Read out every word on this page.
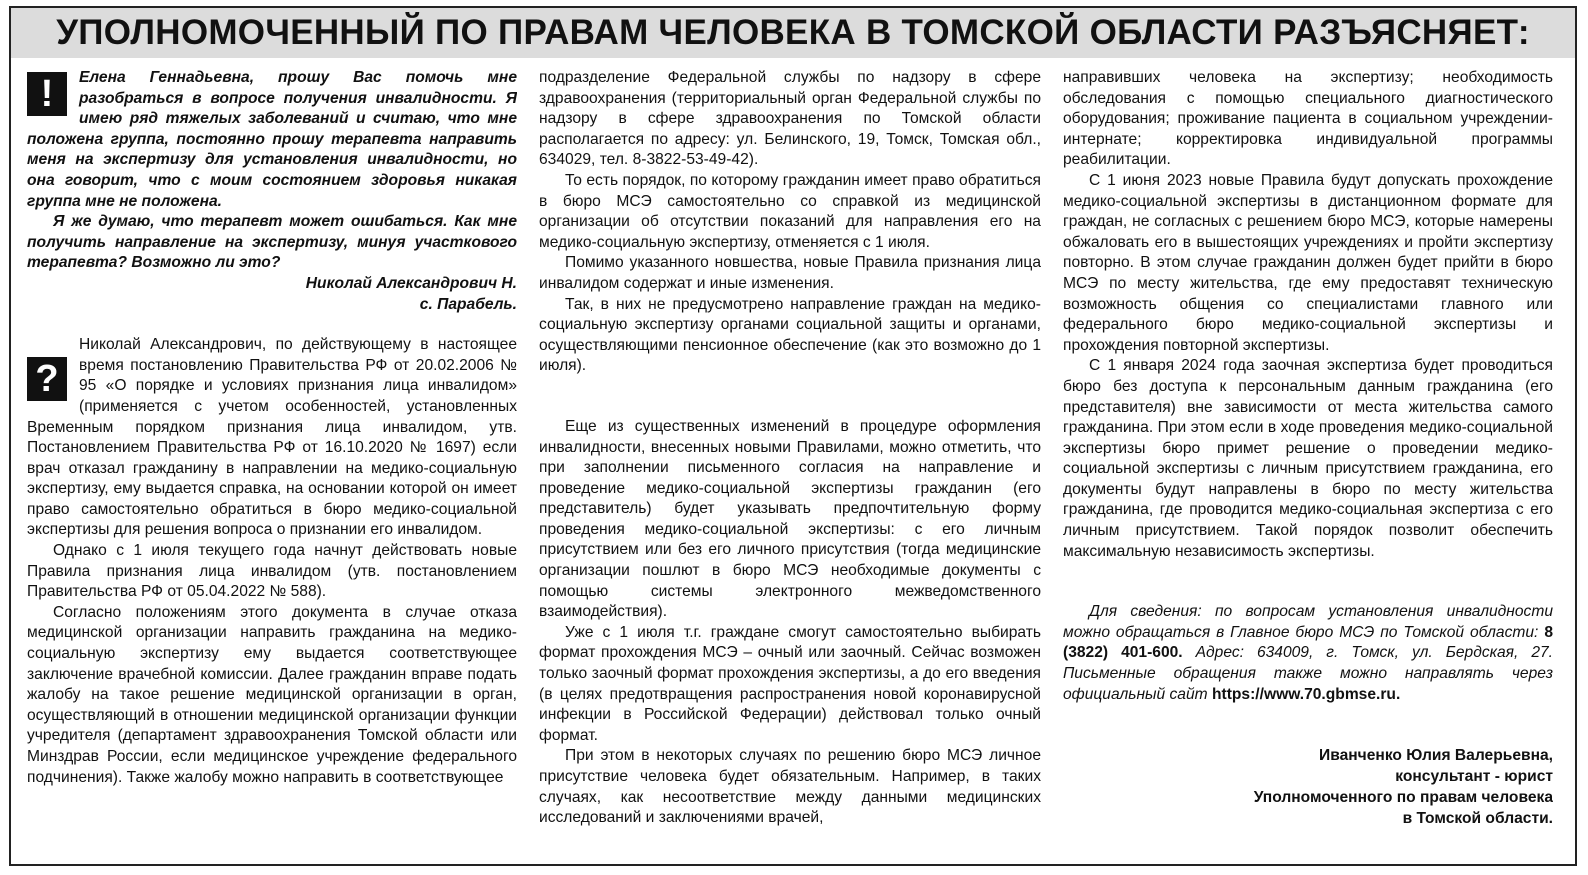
УПОЛНОМОЧЕННЫЙ ПО ПРАВАМ ЧЕЛОВЕКА В ТОМСКОЙ ОБЛАСТИ РАЗЪЯСНЯЕТ:
!	Елена Геннадьевна, прошу Вас помочь мне разобраться в вопросе получения инвалидности. Я имею ряд тяжелых заболеваний и считаю, что мне положена группа, постоянно прошу терапевта направить меня на экспертизу для установления инвалидности, но она говорит, что с моим состоянием здоровья никакая группа мне не положена.

Я же думаю, что терапевт может ошибаться. Как мне получить направление на экспертизу, минуя участкового терапевта? Возможно ли это?

Николай Александрович Н.
с. Парабель.

?
Николай Александрович, по действующему в настоящее время постановлению Правительства РФ от 20.02.2006 № 95 «О порядке и условиях признания лица инвалидом» (применяется с учетом особенностей, установленных Временным порядком признания лица инвалидом, утв. Постановлением Правительства РФ от 16.10.2020 № 1697) если врач отказал гражданину в направлении на медико-социальную экспертизу, ему выдается справка, на основании которой он имеет право самостоятельно обратиться в бюро медико-социальной экспертизы для решения вопроса о признании его инвалидом.

Однако с 1 июля текущего года начнут действовать новые Правила признания лица инвалидом (утв. постановлением Правительства РФ от 05.04.2022 № 588).

Согласно положениям этого документа в случае отказа медицинской организации направить гражданина на медико-социальную экспертизу ему выдается соответствующее заключение врачебной комиссии. Далее гражданин вправе подать жалобу на такое решение медицинской организации в орган, осуществляющий в отношении медицинской организации функции учредителя (департамент здравоохранения Томской области или Минздрав России, если медицинское учреждение федерального подчинения). Также жалобу можно направить в соответствующее

подразделение Федеральной службы по надзору в сфере здравоохранения (территориальный орган Федеральной службы по надзору в сфере здравоохранения по Томской области располагается по адресу: ул. Белинского, 19, Томск, Томская обл., 634029, тел. 8-3822-53-49-42).

То есть порядок, по которому гражданин имеет право обратиться в бюро МСЭ самостоятельно со справкой из медицинской организации об отсутствии показаний для направления его на медико-социальную экспертизу, отменяется с 1 июля.

Помимо указанного новшества, новые Правила признания лица инвалидом содержат и иные изменения.

Так, в них не предусмотрено направление граждан на медико-социальную экспертизу органами социальной защиты и органами, осуществляющими пенсионное обеспечение (как это возможно до 1 июля).

Еще из существенных изменений в процедуре оформления инвалидности, внесенных новыми Правилами, можно отметить, что при заполнении письменного согласия на направление и проведение медико-социальной экспертизы гражданин (его представитель) будет указывать предпочтительную форму проведения медико-социальной экспертизы: с его личным присутствием или без его личного присутствия (тогда медицинские организации пошлют в бюро МСЭ необходимые документы с помощью системы электронного межведомственного взаимодействия).

Уже с 1 июля т.г. граждане смогут самостоятельно выбирать формат прохождения МСЭ – очный или заочный. Сейчас возможен только заочный формат прохождения экспертизы, а до его введения (в целях предотвращения распространения новой коронавирусной инфекции в Российской Федерации) действовал только очный формат.

При этом в некоторых случаях по решению бюро МСЭ личное присутствие человека будет обязательным. Например, в таких случаях, как несоответствие между данными медицинских исследований и заключениями врачей,

направивших человека на экспертизу; необходимость обследования с помощью специального диагностического оборудования; проживание пациента в социальном учреждении-интернате; корректировка индивидуальной программы реабилитации.

С 1 июня 2023 новые Правила будут допускать прохождение медико-социальной экспертизы в дистанционном формате для граждан, не согласных с решением бюро МСЭ, которые намерены обжаловать его в вышестоящих учреждениях и пройти экспертизу повторно. В этом случае гражданин должен будет прийти в бюро МСЭ по месту жительства, где ему предоставят техническую возможность общения со специалистами главного или федерального бюро медико-социальной экспертизы и прохождения повторной экспертизы.

С 1 января 2024 года заочная экспертиза будет проводиться бюро без доступа к персональным данным гражданина (его представителя) вне зависимости от места жительства самого гражданина. При этом если в ходе проведения медико-социальной экспертизы бюро примет решение о проведении медико-социальной экспертизы с личным присутствием гражданина, его документы будут направлены в бюро по месту жительства гражданина, где проводится медико-социальная экспертиза с его личным присутствием. Такой порядок позволит обеспечить максимальную независимость экспертизы.

Для сведения: по вопросам установления инвалидности можно обращаться в Главное бюро МСЭ по Томской области: 8 (3822) 401-600. Адрес: 634009, г. Томск, ул. Бердская, 27. Письменные обращения также можно направлять через официальный сайт https://www.70.gbmse.ru.

Иванченко Юлия Валерьевна,
консультант - юрист
Уполномоченного по правам человека
в Томской области.
